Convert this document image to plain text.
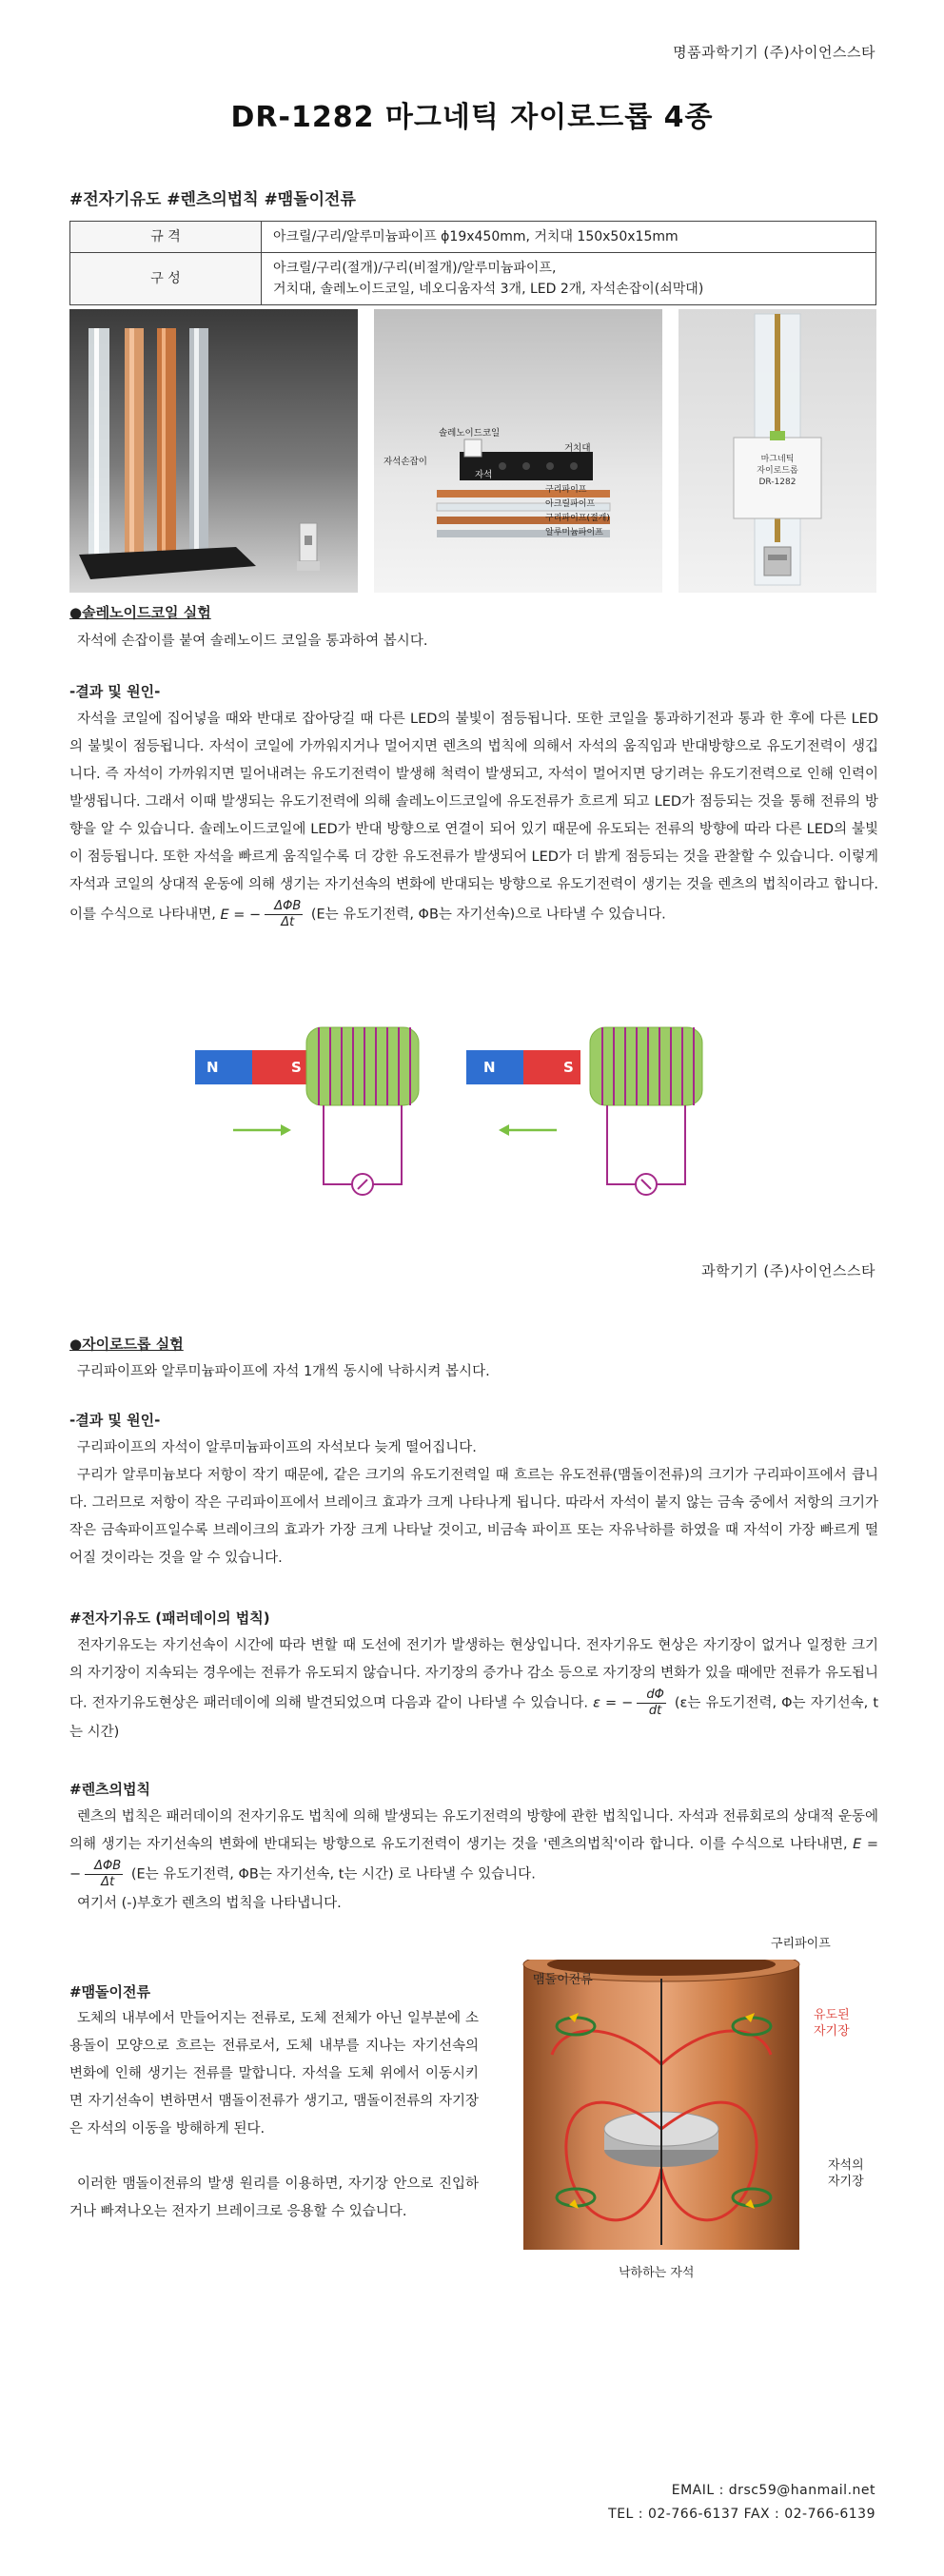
명품과학기기 (주)사이언스스타
DR-1282 마그네틱 자이로드롭 4종
#전자기유도 #렌츠의법칙 #맴돌이전류
규 격	아크릴/구리/알루미늄파이프 ϕ19x450mm, 거치대 150x50x15mm
구 성	아크릴/구리(절개)/구리(비절개)/알루미늄파이프,
거치대, 솔레노이드코일, 네오디움자석 3개, LED 2개, 자석손잡이(쇠막대)
솔레노이드코일
거치대
자석손잡이
자석
구리파이프
아크릴파이프
구리파이프(절개)
알루미늄파이프
마그네틱
자이로드롭
DR-1282
●솔레노이드코일 실험
자석에 손잡이를 붙여 솔레노이드 코일을 통과하여 봅시다.
-결과 및 원인-
자석을 코일에 집어넣을 때와 반대로 잡아당길 때 다른 LED의 불빛이 점등됩니다. 또한 코일을 통과하기전과 통과 한 후에 다른 LED의 불빛이 점등됩니다. 자석이 코일에 가까워지거나 멀어지면 렌츠의 법칙에 의해서 자석의 움직임과 반대방향으로 유도기전력이 생깁니다. 즉 자석이 가까워지면 밀어내려는 유도기전력이 발생해 척력이 발생되고, 자석이 멀어지면 당기려는 유도기전력으로 인해 인력이 발생됩니다. 그래서 이때 발생되는 유도기전력에 의해 솔레노이드코일에 유도전류가 흐르게 되고 LED가 점등되는 것을 통해 전류의 방향을 알 수 있습니다. 솔레노이드코일에 LED가 반대 방향으로 연결이 되어 있기 때문에 유도되는 전류의 방향에 따라 다른 LED의 불빛이 점등됩니다. 또한 자석을 빠르게 움직일수록 더 강한 유도전류가 발생되어 LED가 더 밝게 점등되는 것을 관찰할 수 있습니다. 이렇게 자석과 코일의 상대적 운동에 의해 생기는 자기선속의 변화에 반대되는 방향으로 유도기전력이 생기는 것을 렌츠의 법칙이라고 합니다. 이를 수식으로 나타내면, E = − $\frac{\text{ΔΦB}}{\Delta t} (E$는 유도기전력, ΦB는 자기선속)으로 나타낼 수 있습니다.
N	S	N	S
과학기기 (주)사이언스스타
●자이로드롭 실험
구리파이프와 알루미늄파이프에 자석 1개씩 동시에 낙하시켜 봅시다.
-결과 및 원인-
구리파이프의 자석이 알루미늄파이프의 자석보다 늦게 떨어집니다.
구리가 알루미늄보다 저항이 작기 때문에, 같은 크기의 유도기전력일 때 흐르는 유도전류(맴돌이전류)의 크기가 구리파이프에서 큽니다. 그러므로 저항이 작은 구리파이프에서 브레이크 효과가 크게 나타나게 됩니다. 따라서 자석이 붙지 않는 금속 중에서 저항의 크기가 작은 금속파이프일수록 브레이크의 효과가 가장 크게 나타날 것이고, 비금속 파이프 또는 자유낙하를 하였을 때 자석이 가장 빠르게 떨어질 것이라는 것을 알 수 있습니다.
#전자기유도 (패러데이의 법칙)
전자기유도는 자기선속이 시간에 따라 변할 때 도선에 전기가 발생하는 현상입니다. 전자기유도 현상은 자기장이 없거나 일정한 크기의 자기장이 지속되는 경우에는 전류가 유도되지 않습니다. 자기장의 증가나 감소 등으로 자기장의 변화가 있을 때에만 전류가 유도됩니다. 전자기유도현상은 패러데이에 의해 발견되었으며 다음과 같이 나타낼 수 있습니다. ε = − $\frac{d\Phi}{dt} (\varepsilon$는 유도기전력, Φ는 자기선속, t는 시간)
#렌츠의법칙
렌츠의 법칙은 패러데이의 전자기유도 법칙에 의해 발생되는 유도기전력의 방향에 관한 법칙입니다. 자석과 전류회로의 상대적 운동에 의해 생기는 자기선속의 변화에 반대되는 방향으로 유도기전력이 생기는 것을 '렌츠의법칙'이라 합니다. 이를 수식으로 나타내면, E = − $\frac{\text{ΔΦB}}{\Delta t} (E$는 유도기전력, ΦB는 자기선속, t는 시간) 로 나타낼 수 있습니다.
여기서 (-)부호가 렌츠의 법칙을 나타냅니다.
#맴돌이전류
도체의 내부에서 만들어지는 전류로, 도체 전체가 아닌 일부분에 소용돌이 모양으로 흐르는 전류로서, 도체 내부를 지나는 자기선속의 변화에 인해 생기는 전류를 말합니다. 자석을 도체 위에서 이동시키면 자기선속이 변하면서 맴돌이전류가 생기고, 맴돌이전류의 자기장은 자석의 이동을 방해하게 된다.
이러한 맴돌이전류의 발생 원리를 이용하면, 자기장 안으로 진입하거나 빠져나오는 전자기 브레이크로 응용할 수 있습니다.
맴돌이전류
구리파이프
유도된
자기장
자석의
자기장
낙하하는 자석
EMAIL : drsc59@hanmail.net
TEL : 02-766-6137 FAX : 02-766-6139
